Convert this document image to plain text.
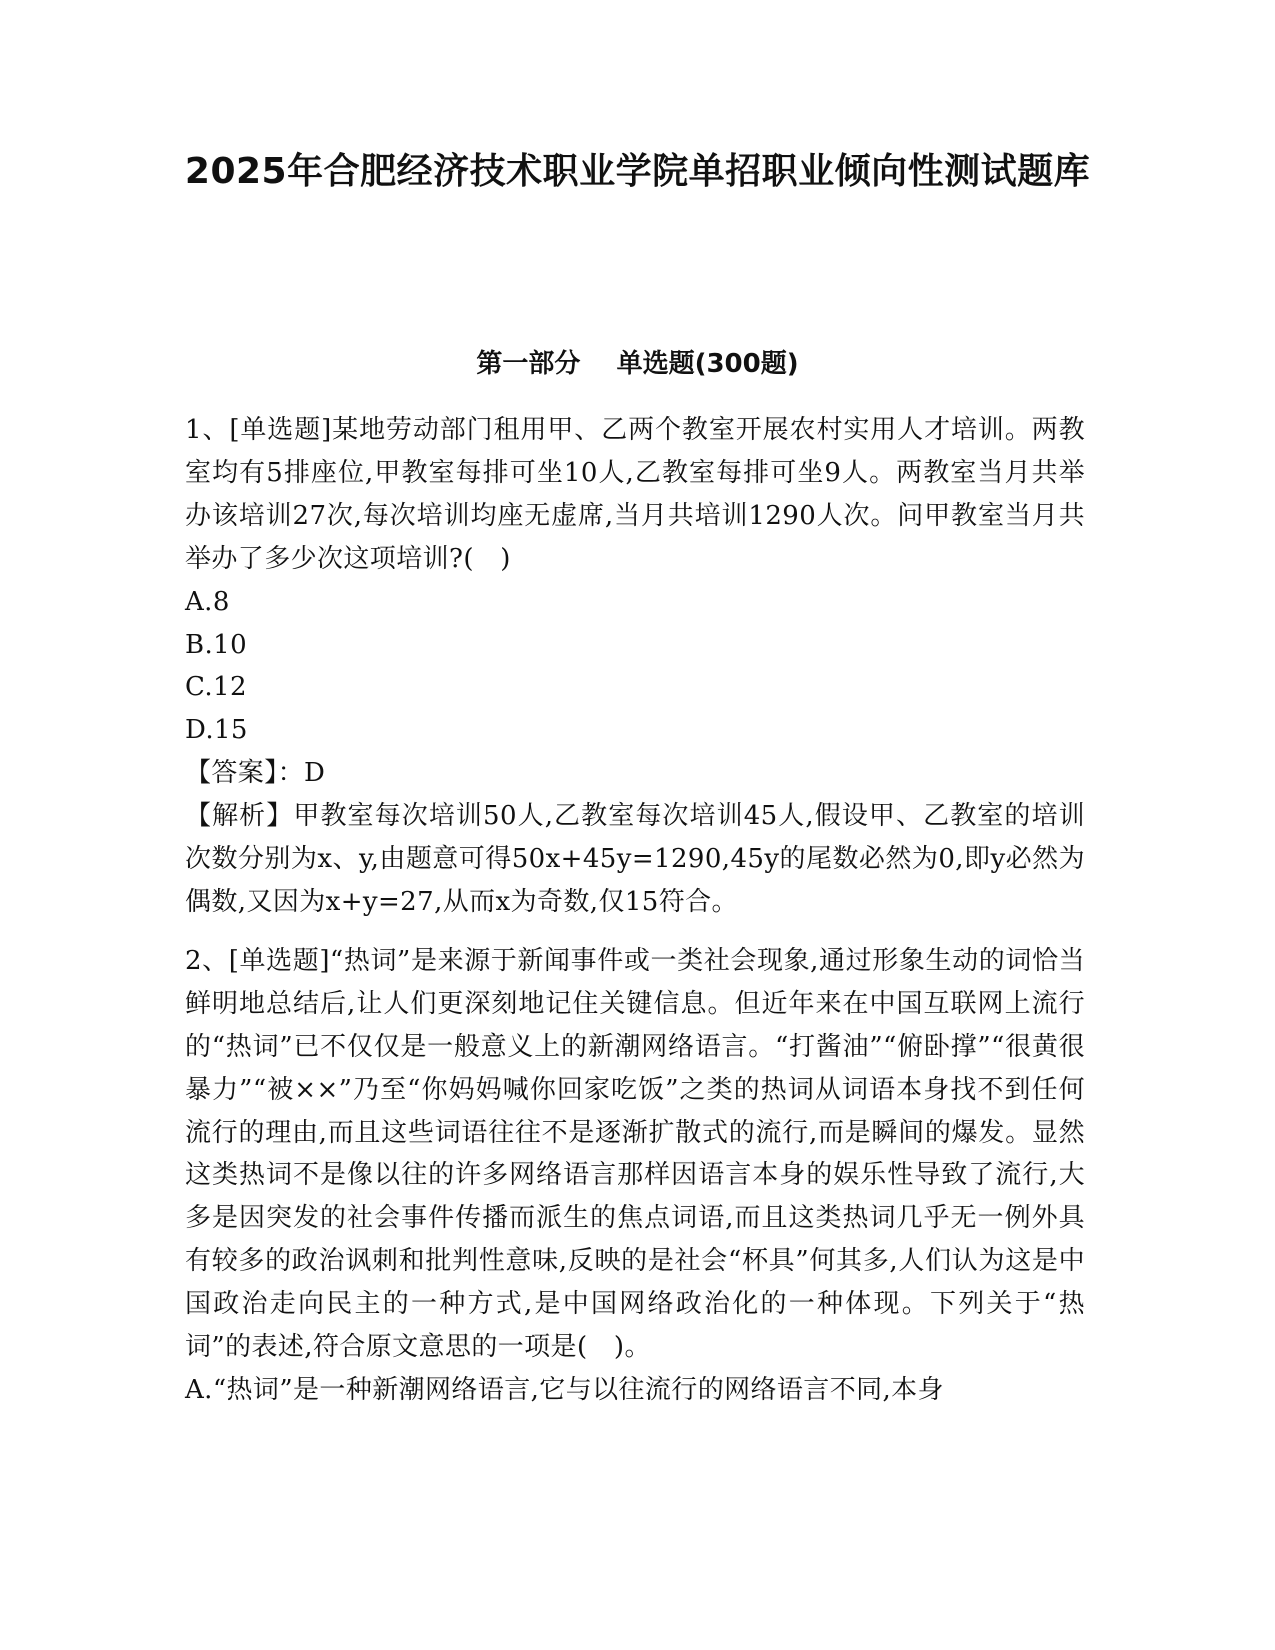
2025年合肥经济技术职业学院单招职业倾向性测试题库
第一部分    单选题(300题)

1、[单选题]某地劳动部门租用甲、乙两个教室开展农村实用人才培训。两教室均有5排座位,甲教室每排可坐10人,乙教室每排可坐9人。两教室当月共举办该培训27次,每次培训均座无虚席,当月共培训1290人次。问甲教室当月共举办了多少次这项培训?(　)

A.8

B.10

C.12

D.15

【答案】：D

【解析】甲教室每次培训50人,乙教室每次培训45人,假设甲、乙教室的培训次数分别为x、y,由题意可得50x+45y=1290,45y的尾数必然为0,即y必然为偶数,又因为x+y=27,从而x为奇数,仅15符合。

2、[单选题]“热词”是来源于新闻事件或一类社会现象,通过形象生动的词恰当鲜明地总结后,让人们更深刻地记住关键信息。但近年来在中国互联网上流行的“热词”已不仅仅是一般意义上的新潮网络语言。“打酱油”“俯卧撑”“很黄很暴力”“被××”乃至“你妈妈喊你回家吃饭”之类的热词从词语本身找不到任何流行的理由,而且这些词语往往不是逐渐扩散式的流行,而是瞬间的爆发。显然这类热词不是像以往的许多网络语言那样因语言本身的娱乐性导致了流行,大多是因突发的社会事件传播而派生的焦点词语,而且这类热词几乎无一例外具有较多的政治讽刺和批判性意味,反映的是社会“杯具”何其多,人们认为这是中国政治走向民主的一种方式,是中国网络政治化的一种体现。下列关于“热词”的表述,符合原文意思的一项是(　)。

A.“热词”是一种新潮网络语言,它与以往流行的网络语言不同,本身
